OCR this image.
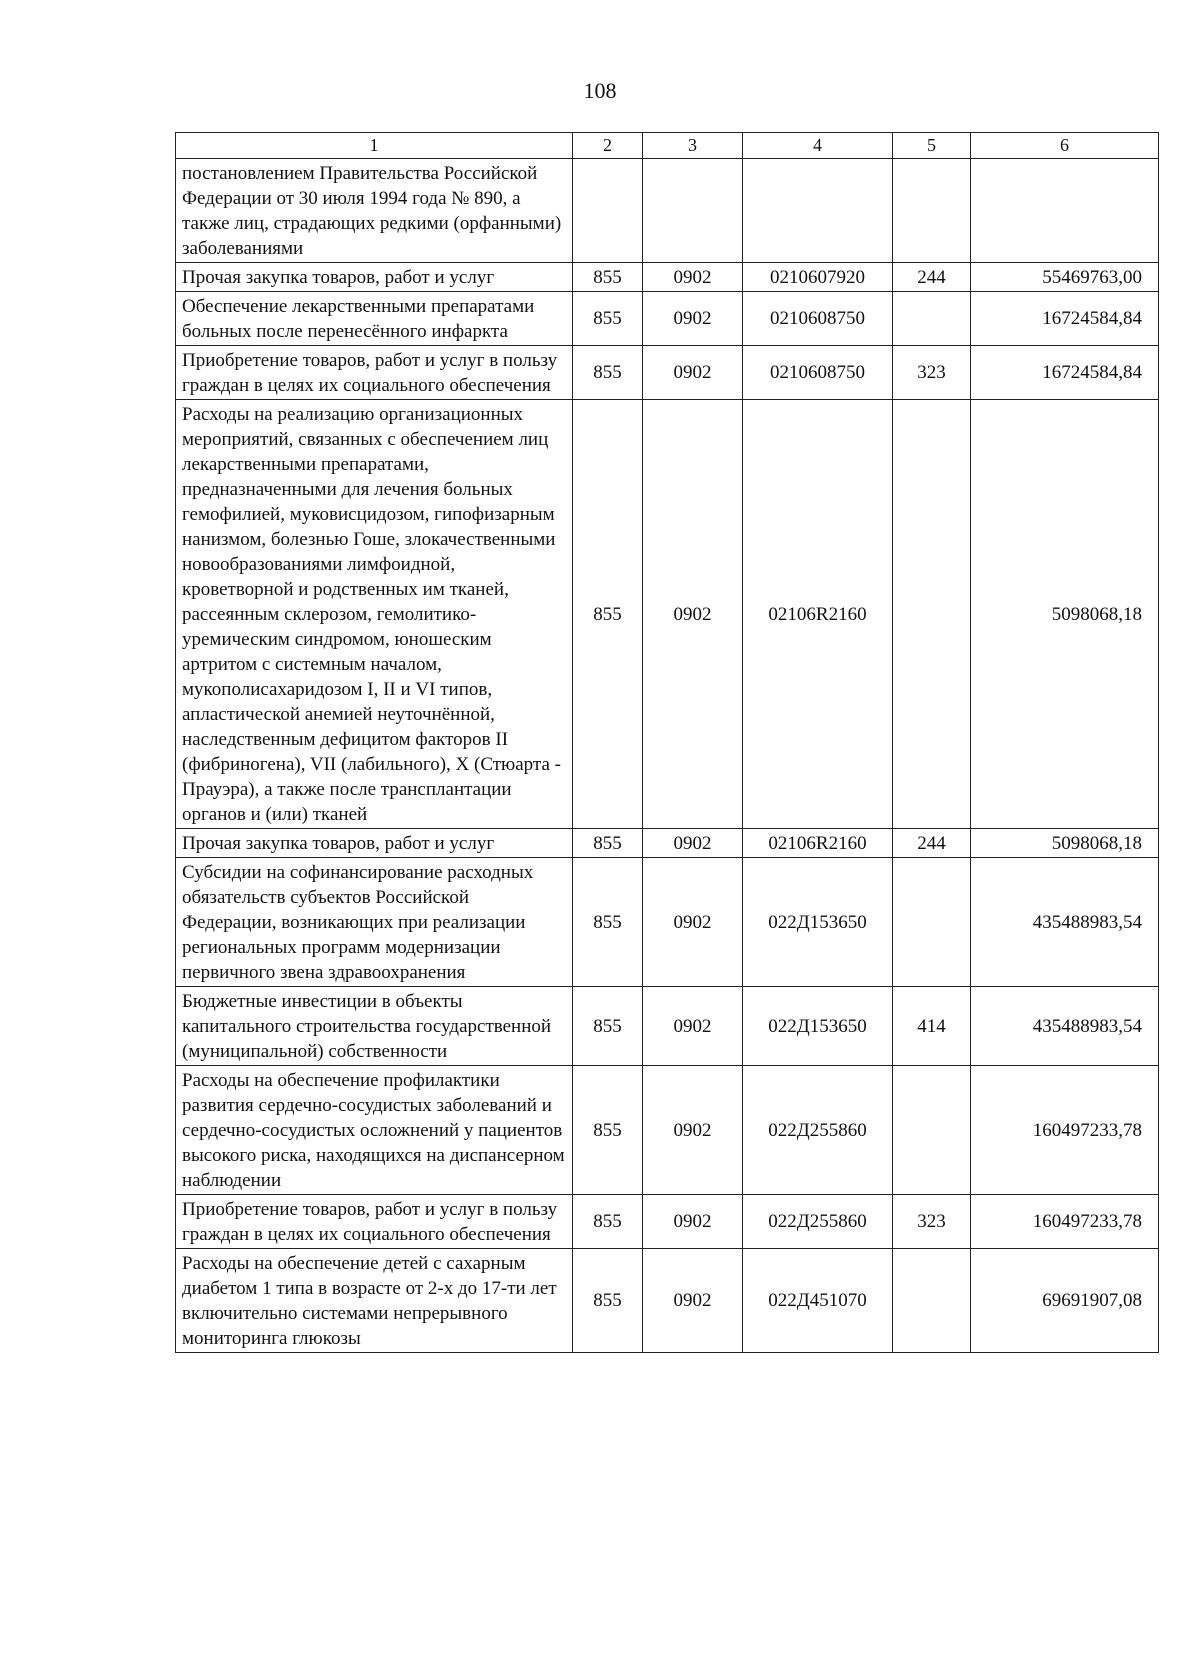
108
1	2	3	4	5	6
постановлением Правительства Российской Федерации от 30 июля 1994 года № 890, а также лиц, страдающих редкими (орфанными) заболеваниями					
Прочая закупка товаров, работ и услуг	855	0902	0210607920	244	55469763,00
Обеспечение лекарственными препаратами больных после перенесённого инфаркта	855	0902	0210608750		16724584,84
Приобретение товаров, работ и услуг в пользу граждан в целях их социального обеспечения	855	0902	0210608750	323	16724584,84
Расходы на реализацию организационных мероприятий, связанных с обеспечением лиц лекарственными препаратами, предназначенными для лечения больных гемофилией, муковисцидозом, гипофизарным нанизмом, болезнью Гоше, злокачественными новообразованиями лимфоидной, кроветворной и родственных им тканей, рассеянным склерозом, гемолитико-уремическим синдромом, юношеским артритом с системным началом, мукополисахаридозом I, II и VI типов, апластической анемией неуточнённой, наследственным дефицитом факторов II (фибриногена), VII (лабильного), X (Стюарта - Прауэра), а также после трансплантации органов и (или) тканей	855	0902	02106R2160		5098068,18
Прочая закупка товаров, работ и услуг	855	0902	02106R2160	244	5098068,18
Субсидии на софинансирование расходных обязательств субъектов Российской Федерации, возникающих при реализации региональных программ модернизации первичного звена здравоохранения	855	0902	022Д153650		435488983,54
Бюджетные инвестиции в объекты капитального строительства государственной (муниципальной) собственности	855	0902	022Д153650	414	435488983,54
Расходы на обеспечение профилактики развития сердечно-сосудистых заболеваний и сердечно-сосудистых осложнений у пациентов высокого риска, находящихся на диспансерном наблюдении	855	0902	022Д255860		160497233,78
Приобретение товаров, работ и услуг в пользу граждан в целях их социального обеспечения	855	0902	022Д255860	323	160497233,78
Расходы на обеспечение детей с сахарным диабетом 1 типа в возрасте от 2-х до 17-ти лет включительно системами непрерывного мониторинга глюкозы	855	0902	022Д451070		69691907,08
